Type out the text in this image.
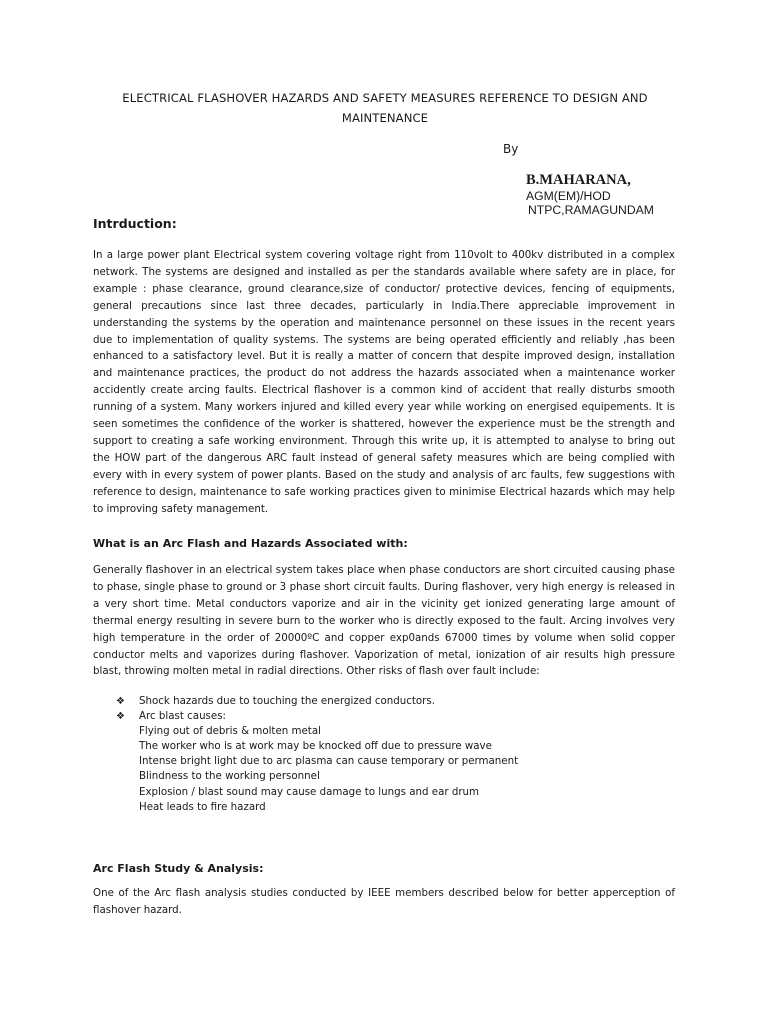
ELECTRICAL FLASHOVER HAZARDS AND SAFETY MEASURES REFERENCE TO DESIGN AND
MAINTENANCE
By
B.MAHARANA,
AGM(EM)/HOD
NTPC,RAMAGUNDAM
Intrduction:
In a large power plant Electrical system covering voltage right from 110volt to 400kv distributed in a complex
network. The systems are designed and installed as per the standards available where safety are in place, for
example : phase clearance, ground clearance,size of conductor/ protective devices, fencing of equipments,
general precautions since last three decades, particularly in India.There appreciable improvement in
understanding the systems by the operation and maintenance personnel on these issues in the recent years
due to implementation of quality systems. The systems are being operated efficiently and reliably ,has been
enhanced to a satisfactory level. But it is really a matter of concern that despite improved design, installation
and maintenance practices, the product do not address the hazards associated when a maintenance worker
accidently create arcing faults. Electrical flashover is a common kind of accident that really disturbs smooth
running of a system. Many workers injured and killed every year while working on energised equipements. It is
seen sometimes the confidence of the worker is shattered, however the experience must be the strength and
support to creating a safe working environment. Through this write up, it is attempted to analyse to bring out
the HOW part of the dangerous ARC fault instead of general safety measures which are being complied with
every with in every system of power plants. Based on the study and analysis of arc faults, few suggestions with
reference to design, maintenance to safe working practices given to minimise Electrical hazards which may help
to improving safety management.
What is an Arc Flash and Hazards Associated with:
Generally flashover in an electrical system takes place when phase conductors are short circuited causing phase
to phase, single phase to ground or 3 phase short circuit faults. During flashover, very high energy is released in
a very short time. Metal conductors vaporize and air in the vicinity get ionized generating large amount of
thermal energy resulting in severe burn to the worker who is directly exposed to the fault. Arcing involves very
high temperature in the order of 20000ºC and copper exp0ands 67000 times by volume when solid copper
conductor melts and vaporizes during flashover. Vaporization of metal, ionization of air results high pressure
blast, throwing molten metal in radial directions. Other risks of flash over fault include:
❖	Shock hazards due to touching the energized conductors.
❖	Arc blast causes:
Flying out of debris & molten metal
The worker who is at work may be knocked off due to pressure wave
Intense bright light due to arc plasma can cause temporary or permanent
Blindness to the working personnel
Explosion / blast sound may cause damage to lungs and ear drum
Heat leads to fire hazard
Arc Flash Study & Analysis:
One of the Arc flash analysis studies conducted by IEEE members described below for better apperception of
flashover hazard.
